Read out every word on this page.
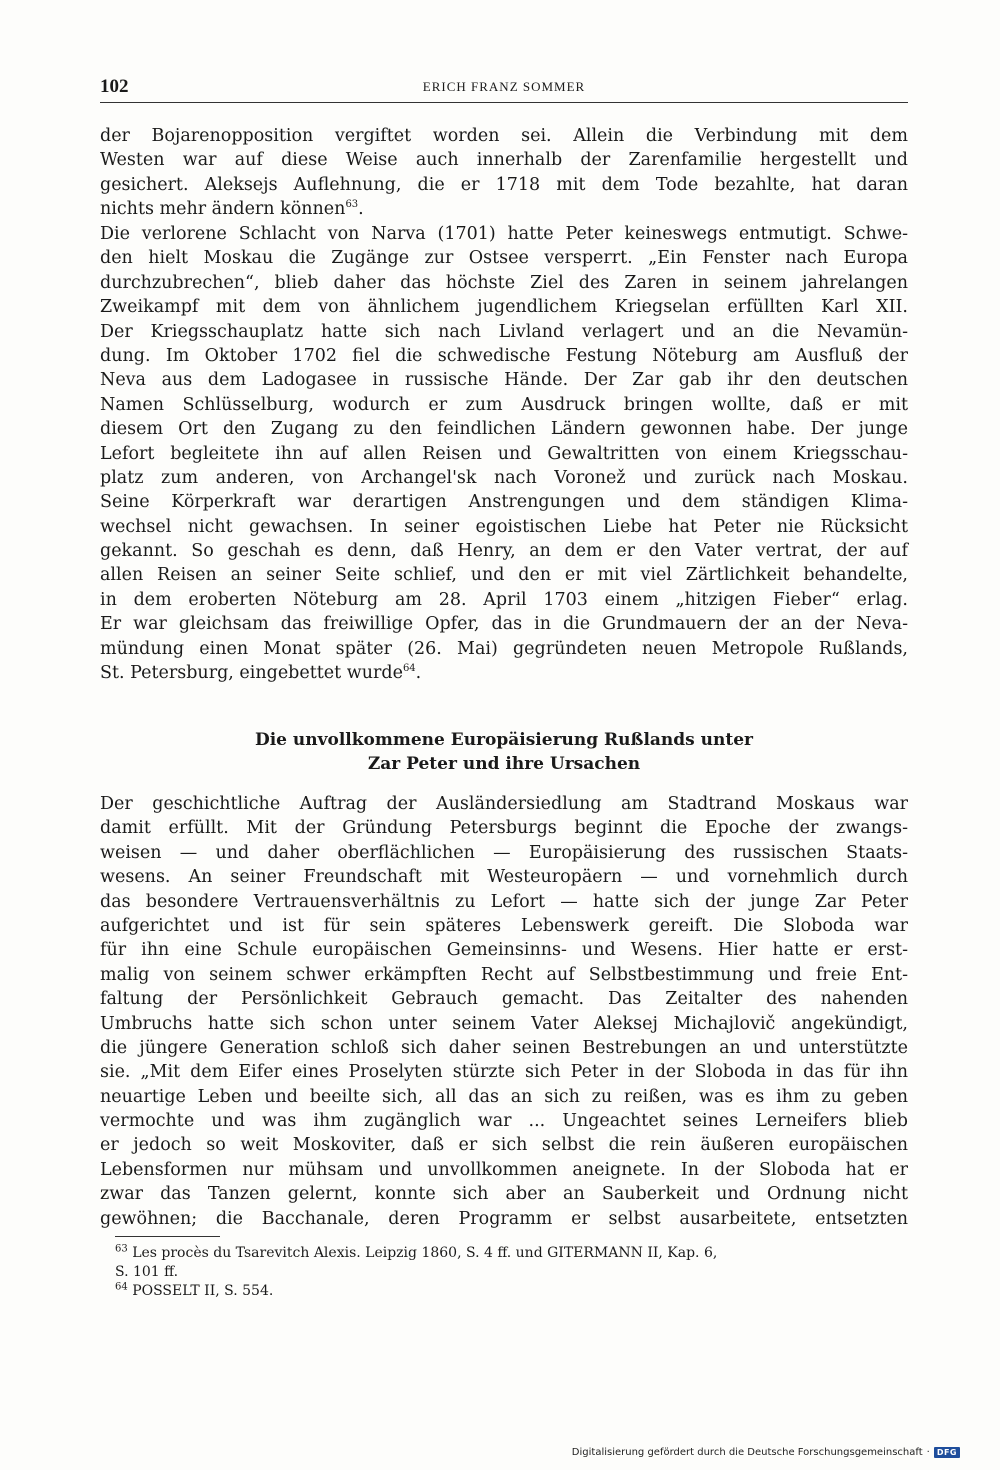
102	ERICH FRANZ SOMMER
der Bojarenopposition vergiftet worden sei. Allein die Verbindung mit dem
Westen war auf diese Weise auch innerhalb der Zarenfamilie hergestellt und
gesichert. Aleksejs Auflehnung, die er 1718 mit dem Tode bezahlte, hat daran
nichts mehr ändern können$^{63}$.
Die verlorene Schlacht von Narva (1701) hatte Peter keineswegs entmutigt. Schwe-
den hielt Moskau die Zugänge zur Ostsee versperrt. „Ein Fenster nach Europa
durchzubrechen“, blieb daher das höchste Ziel des Zaren in seinem jahrelangen
Zweikampf mit dem von ähnlichem jugendlichem Kriegselan erfüllten Karl XII.
Der Kriegsschauplatz hatte sich nach Livland verlagert und an die Nevamün-
dung. Im Oktober 1702 fiel die schwedische Festung Nöteburg am Ausfluß der
Neva aus dem Ladogasee in russische Hände. Der Zar gab ihr den deutschen
Namen Schlüsselburg, wodurch er zum Ausdruck bringen wollte, daß er mit
diesem Ort den Zugang zu den feindlichen Ländern gewonnen habe. Der junge
Lefort begleitete ihn auf allen Reisen und Gewaltritten von einem Kriegsschau-
platz zum anderen, von Archangel'sk nach Voronež und zurück nach Moskau.
Seine Körperkraft war derartigen Anstrengungen und dem ständigen Klima-
wechsel nicht gewachsen. In seiner egoistischen Liebe hat Peter nie Rücksicht
gekannt. So geschah es denn, daß Henry, an dem er den Vater vertrat, der auf
allen Reisen an seiner Seite schlief, und den er mit viel Zärtlichkeit behandelte,
in dem eroberten Nöteburg am 28. April 1703 einem „hitzigen Fieber“ erlag.
Er war gleichsam das freiwillige Opfer, das in die Grundmauern der an der Neva-
mündung einen Monat später (26. Mai) gegründeten neuen Metropole Rußlands,
St. Petersburg, eingebettet wurde$^{64}$.
Die unvollkommene Europäisierung Rußlands unter
Zar Peter und ihre Ursachen
Der geschichtliche Auftrag der Ausländersiedlung am Stadtrand Moskaus war
damit erfüllt. Mit der Gründung Petersburgs beginnt die Epoche der zwangs-
weisen — und daher oberflächlichen — Europäisierung des russischen Staats-
wesens. An seiner Freundschaft mit Westeuropäern — und vornehmlich durch
das besondere Vertrauensverhältnis zu Lefort — hatte sich der junge Zar Peter
aufgerichtet und ist für sein späteres Lebenswerk gereift. Die Sloboda war
für ihn eine Schule europäischen Gemeinsinns- und Wesens. Hier hatte er erst-
malig von seinem schwer erkämpften Recht auf Selbstbestimmung und freie Ent-
faltung der Persönlichkeit Gebrauch gemacht. Das Zeitalter des nahenden
Umbruchs hatte sich schon unter seinem Vater Aleksej Michajlovič angekündigt,
die jüngere Generation schloß sich daher seinen Bestrebungen an und unterstützte
sie. „Mit dem Eifer eines Proselyten stürzte sich Peter in der Sloboda in das für ihn
neuartige Leben und beeilte sich, all das an sich zu reißen, was es ihm zu geben
vermochte und was ihm zugänglich war ... Ungeachtet seines Lerneifers blieb
er jedoch so weit Moskoviter, daß er sich selbst die rein äußeren europäischen
Lebensformen nur mühsam und unvollkommen aneignete. In der Sloboda hat er
zwar das Tanzen gelernt, konnte sich aber an Sauberkeit und Ordnung nicht
gewöhnen; die Bacchanale, deren Programm er selbst ausarbeitete, entsetzten
$^{63}$ Les procès du Tsarevitch Alexis. Leipzig 1860, S. 4 ff. und GITERMANN II, Kap. 6,
S. 101 ff.
$^{64}$ POSSELT II, S. 554.
Digitalisierung gefördert durch die Deutsche Forschungsgemeinschaft · DFG
